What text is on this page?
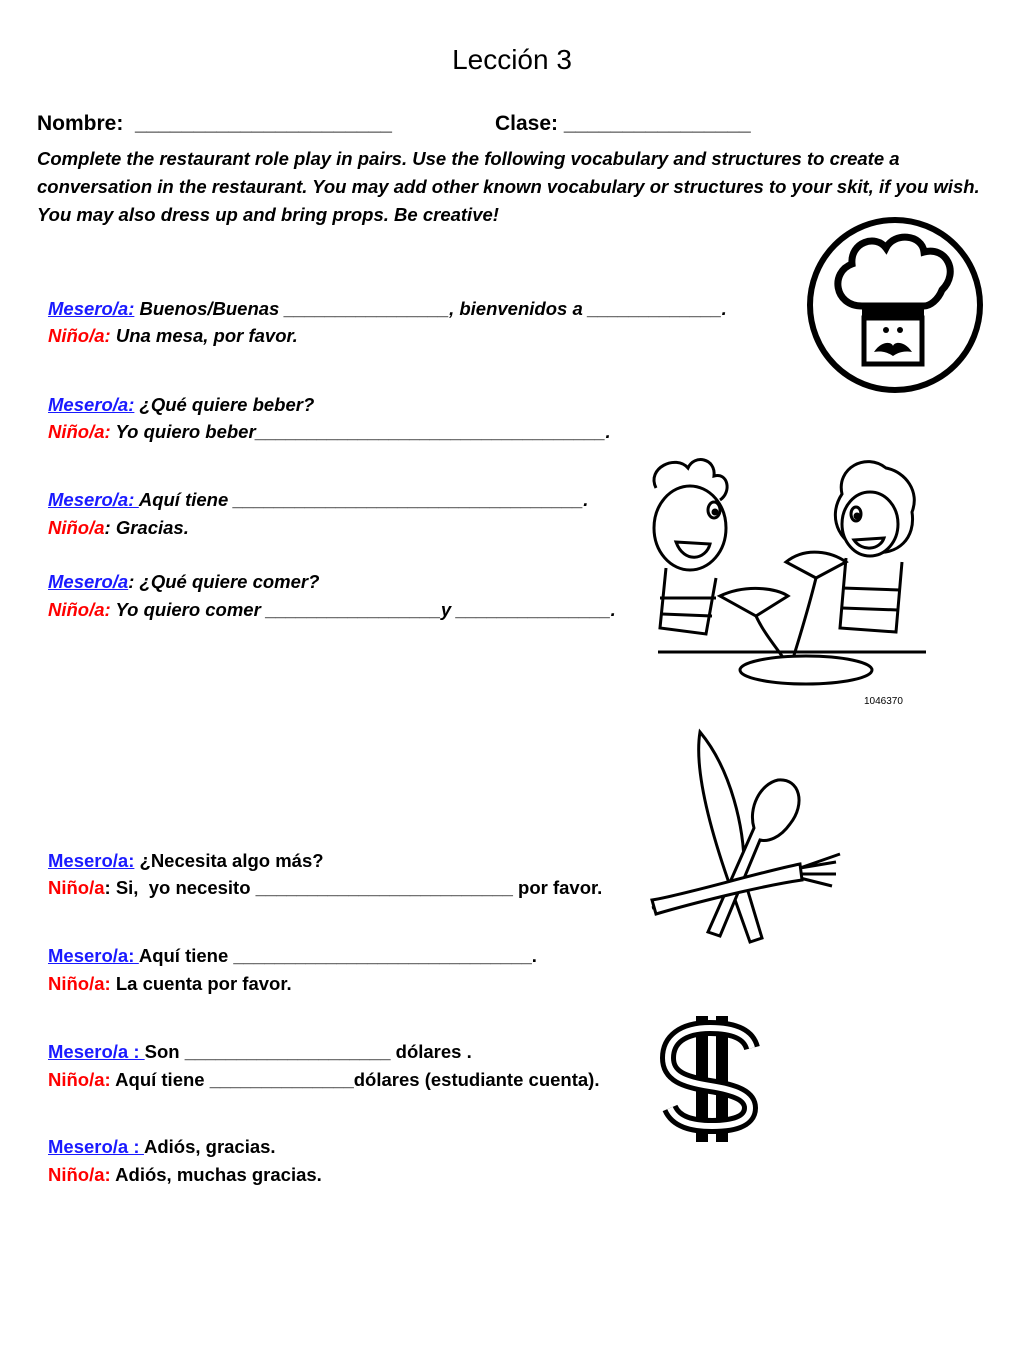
Lección 3
Nombre:  ______________________	Clase: ________________
Complete the restaurant role play in pairs. Use the following vocabulary and structures to create a conversation in the restaurant. You may add other known vocabulary or structures to your skit, if you wish. You may also dress up and bring props. Be creative!
Mesero/a: Buenos/Buenas ________________, bienvenidos a _____________.
Niño/a: Una mesa, por favor.
Mesero/a: ¿Qué quiere beber?
Niño/a: Yo quiero beber__________________________________.
Mesero/a: Aquí tiene __________________________________.
Niño/a: Gracias.
Mesero/a: ¿Qué quiere comer?
Niño/a: Yo quiero comer _________________y _______________.
Mesero/a: ¿Necesita algo más?
Niño/a: Si,  yo necesito _________________________ por favor.
Mesero/a: Aquí tiene _____________________________.
Niño/a: La cuenta por favor.
Mesero/a : Son ____________________ dólares .
Niño/a: Aquí tiene ______________dólares (estudiante cuenta).
Mesero/a : Adiós, gracias.
Niño/a: Adiós, muchas gracias.
1046370
